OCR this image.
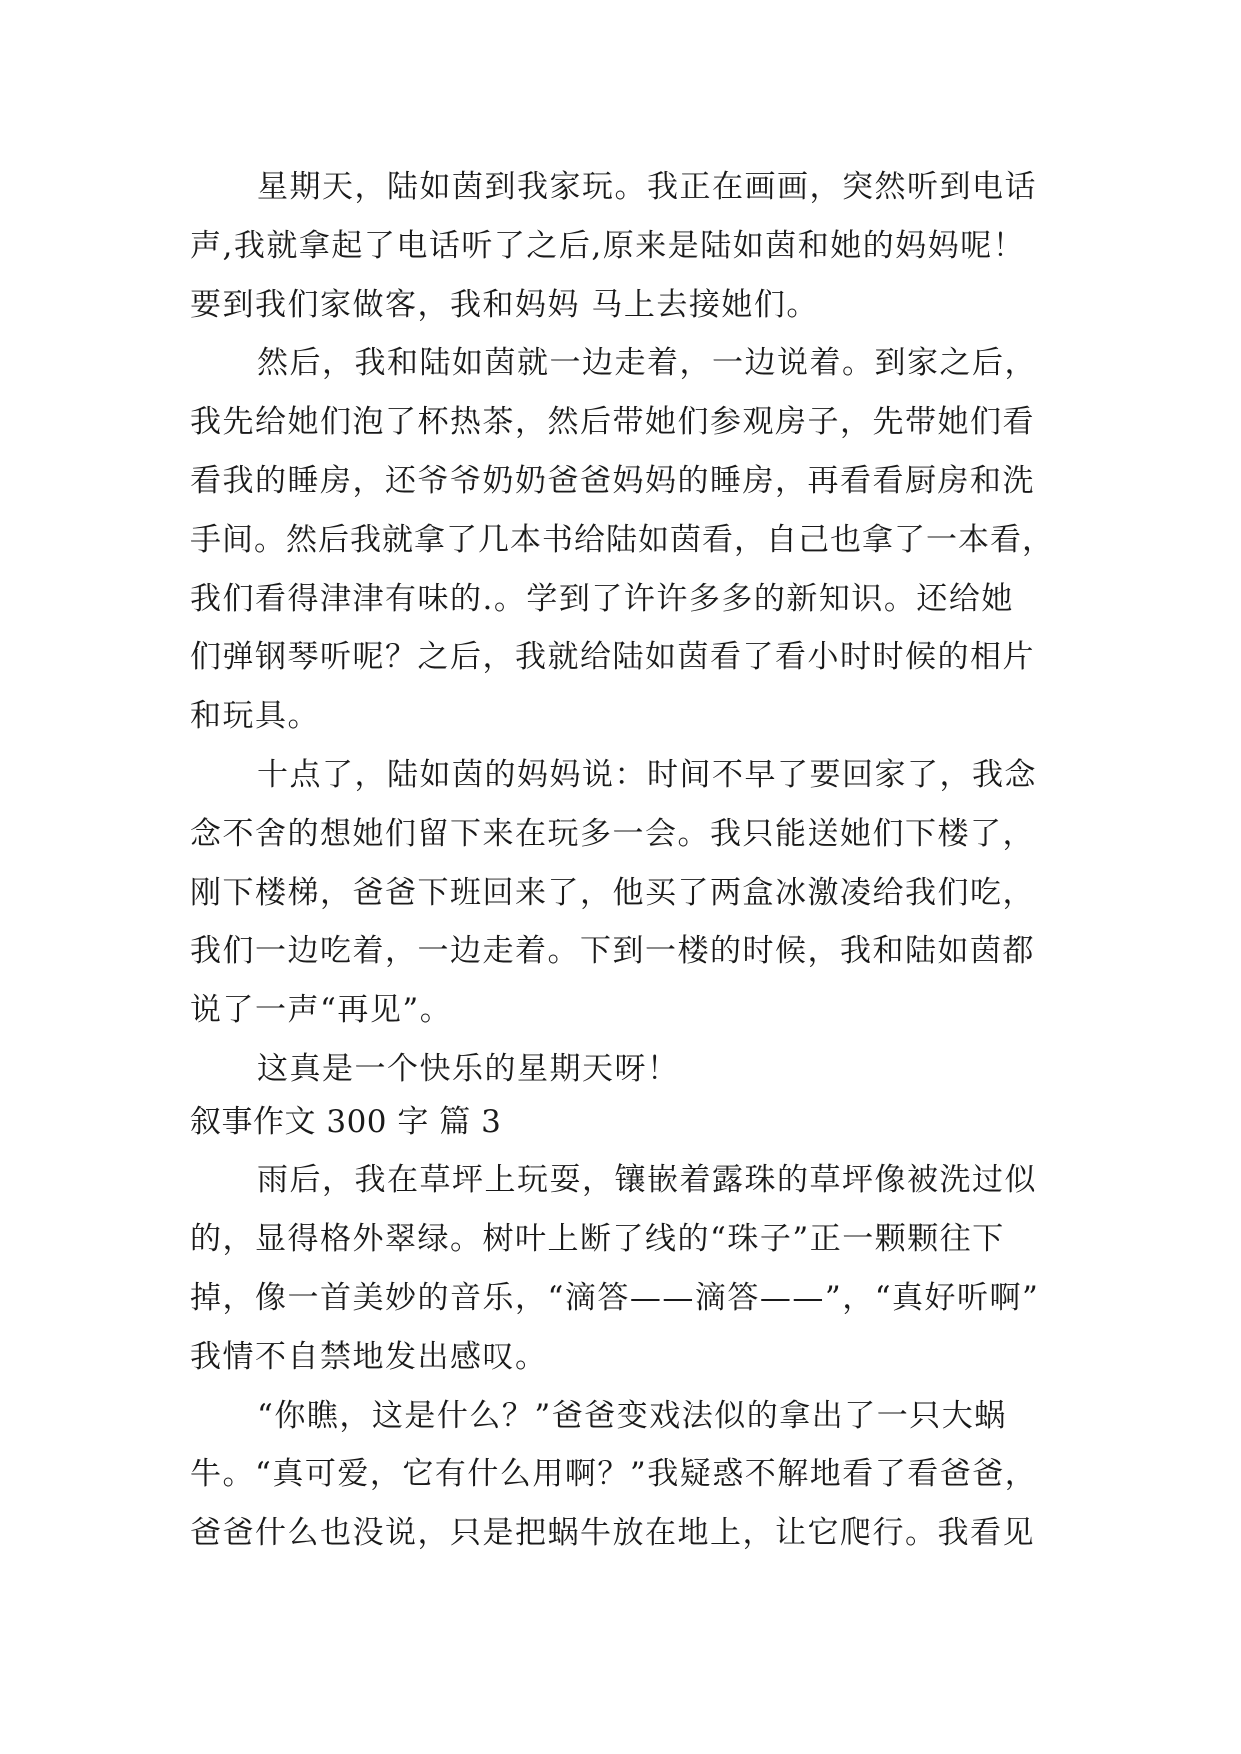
星期天，陆如茵到我家玩。我正在画画，突然听到电话
声,我就拿起了电话听了之后,原来是陆如茵和她的妈妈呢！
要到我们家做客，我和妈妈 马上去接她们。
然后，我和陆如茵就一边走着，一边说着。到家之后，
我先给她们泡了杯热茶，然后带她们参观房子，先带她们看
看我的睡房，还爷爷奶奶爸爸妈妈的睡房，再看看厨房和洗
手间。然后我就拿了几本书给陆如茵看，自己也拿了一本看，
我们看得津津有味的.。学到了许许多多的新知识。还给她
们弹钢琴听呢？之后，我就给陆如茵看了看小时时候的相片
和玩具。
十点了，陆如茵的妈妈说：时间不早了要回家了，我念
念不舍的想她们留下来在玩多一会。我只能送她们下楼了，
刚下楼梯，爸爸下班回来了，他买了两盒冰激凌给我们吃，
我们一边吃着，一边走着。下到一楼的时候，我和陆如茵都
说了一声“再见”。
这真是一个快乐的星期天呀！
叙事作文 300 字 篇 3
雨后，我在草坪上玩耍，镶嵌着露珠的草坪像被洗过似
的，显得格外翠绿。树叶上断了线的“珠子”正一颗颗往下
掉，像一首美妙的音乐，“滴答——滴答——”，“真好听啊”
我情不自禁地发出感叹。
“你瞧，这是什么？”爸爸变戏法似的拿出了一只大蜗
牛。“真可爱，它有什么用啊？”我疑惑不解地看了看爸爸，
爸爸什么也没说，只是把蜗牛放在地上，让它爬行。我看见
